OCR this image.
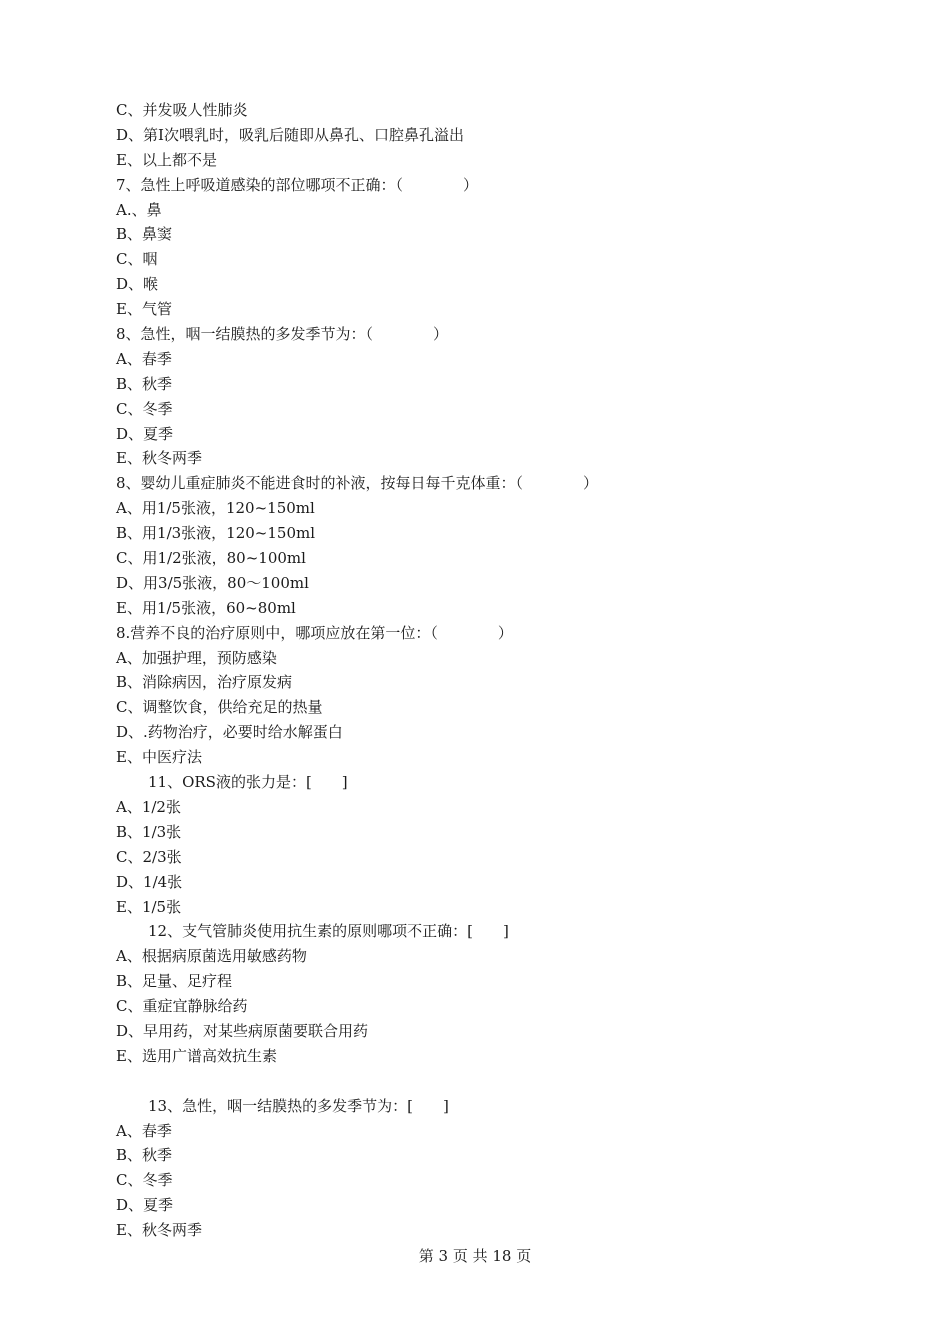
C、并发吸人性肺炎
D、第I次喂乳时，吸乳后随即从鼻孔、口腔鼻孔溢出
E、以上都不是
7、急性上呼吸道感染的部位哪项不正确：（　　　　）
A.、鼻
B、鼻窦
C、咽
D、喉
E、气管
8、急性，咽一结膜热的多发季节为：（　　　　）
A、春季
B、秋季
C、冬季
D、夏季
E、秋冬两季
8、婴幼儿重症肺炎不能进食时的补液，按每日每千克体重：（　　　　）
A、用1/5张液，120~150ml
B、用1/3张液，120~150ml
C、用1/2张液，80~100ml
D、用3/5张液，80～100ml
E、用1/5张液，60~80ml
8.营养不良的治疗原则中，哪项应放在第一位：（　　　　）
A、加强护理，预防感染
B、消除病因，治疗原发病
C、调整饮食，供给充足的热量
D、.药物治疗，必要时给水解蛋白
E、中医疗法
11、ORS液的张力是：[　　]
A、1/2张
B、1/3张
C、2/3张
D、1/4张
E、1/5张
12、支气管肺炎使用抗生素的原则哪项不正确：[　　]
A、根据病原菌选用敏感药物
B、足量、足疗程
C、重症宜静脉给药
D、早用药，对某些病原菌要联合用药
E、选用广谱高效抗生素
13、急性，咽一结膜热的多发季节为：[　　]
A、春季
B、秋季
C、冬季
D、夏季
E、秋冬两季
第 3 页 共 18 页
